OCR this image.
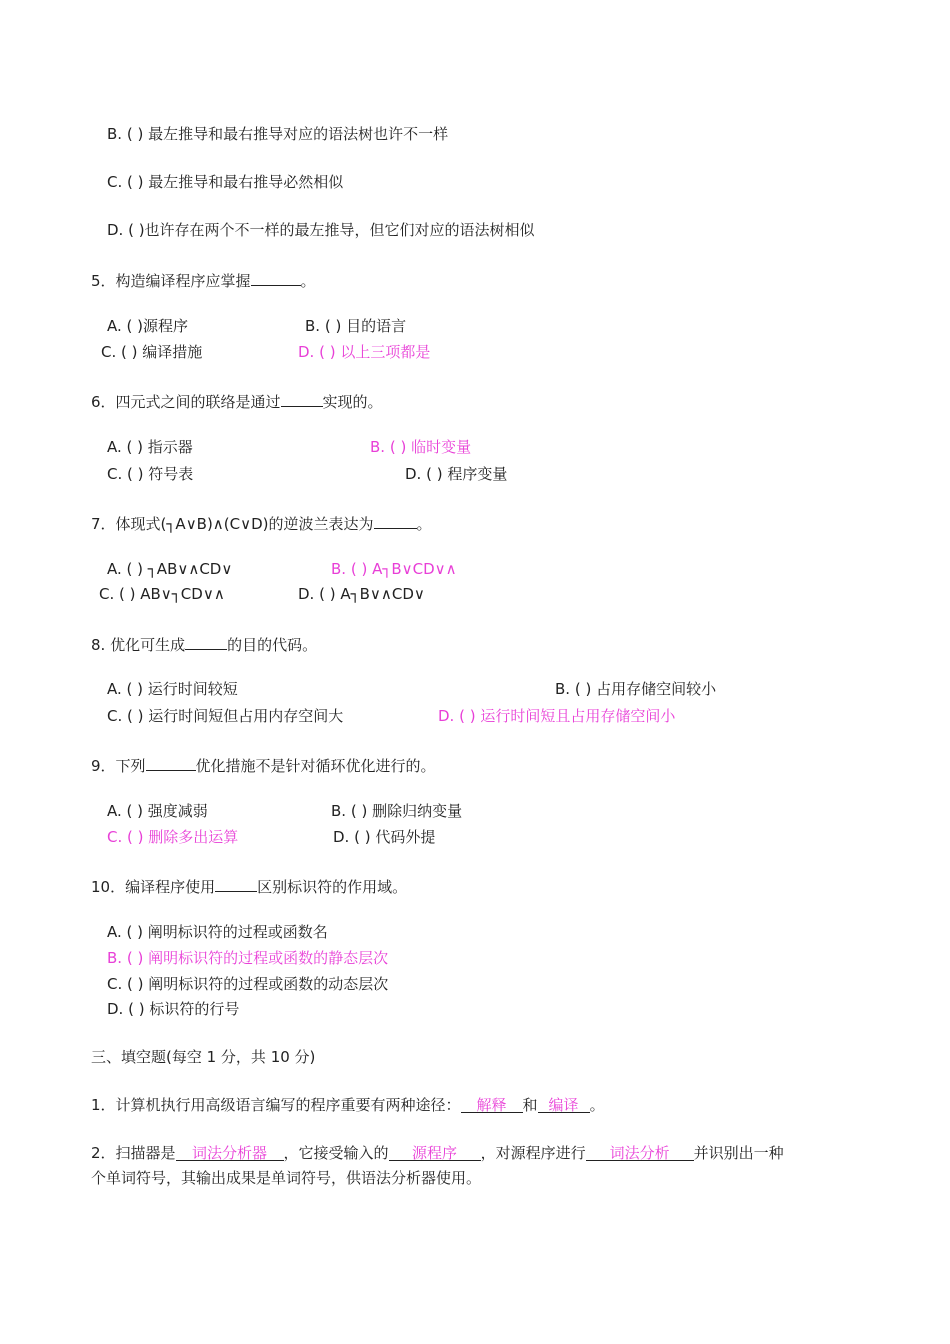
B. ( ) 最左推导和最右推导对应的语法树也许不一样
C. ( ) 最左推导和最右推导必然相似
D. ( )也许存在两个不一样的最左推导，但它们对应的语法树相似
5．构造编译程序应掌握	。
A. ( )源程序	B. ( ) 目的语言
C. ( ) 编译措施	D. ( ) 以上三项都是
6．四元式之间的联络是通过	实现的。
A. ( ) 指示器	B. ( ) 临时变量
C. ( ) 符号表	D. ( ) 程序变量
7．体现式(┐A∨B)∧(C∨D)的逆波兰表达为	。
A. ( ) ┐AB∨∧CD∨	B. ( ) A┐B∨CD∨∧
C. ( ) AB∨┐CD∨∧	D. ( ) A┐B∨∧CD∨
8. 优化可生成	的目的代码。
A. ( ) 运行时间较短	B. ( ) 占用存储空间较小
C. ( ) 运行时间短但占用内存空间大	D. ( ) 运行时间短且占用存储空间小
9．下列	优化措施不是针对循环优化进行的。
A. ( ) 强度减弱	B. ( ) 删除归纳变量
C. ( ) 删除多出运算	D. ( ) 代码外提
10．编译程序使用	区别标识符的作用域。
A. ( ) 阐明标识符的过程或函数名
B. ( ) 阐明标识符的过程或函数的静态层次
C. ( ) 阐明标识符的过程或函数的动态层次
D. ( ) 标识符的行号
三、填空题(每空 1 分，共 10 分)
1．计算机执行用高级语言编写的程序重要有两种途径： 解释 和 编译 。
2．扫描器是 词法分析器 ，它接受输入的 源程序 ，对源程序进行 词法分析 并识别出一种
个单词符号，其输出成果是单词符号，供语法分析器使用。
